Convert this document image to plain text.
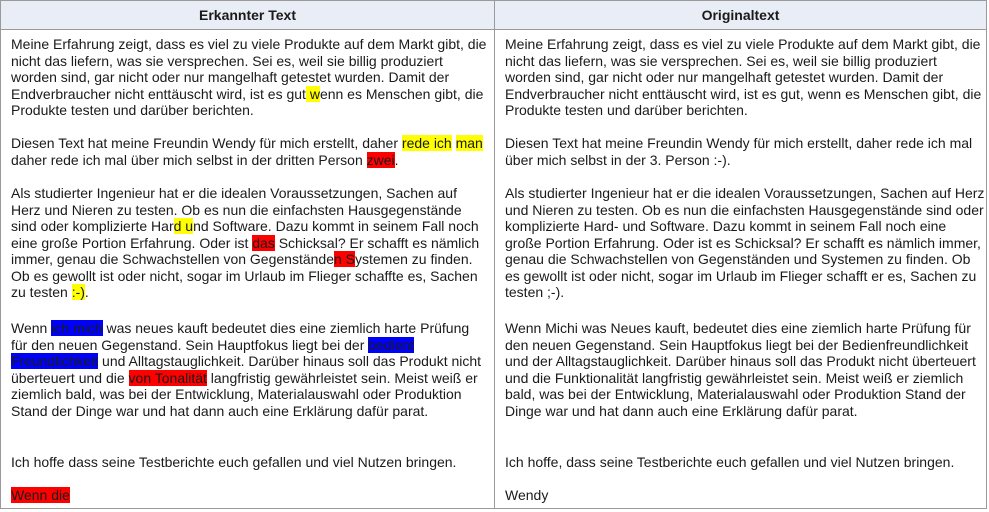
Erkannter Text	Originaltext

Meine Erfahrung zeigt, dass es viel zu viele Produkte auf dem Markt gibt, die nicht das liefern, was sie versprechen. Sei es, weil sie billig produziert worden sind, gar nicht oder nur mangelhaft getestet wurden. Damit der Endverbraucher nicht enttäuscht wird, ist es gut wenn es Menschen gibt, die Produkte testen und darüber berichten.

Diesen Text hat meine Freundin Wendy für mich erstellt, daher rede ich man daher rede ich mal über mich selbst in der dritten Person zwei.

Als studierter Ingenieur hat er die idealen Voraussetzungen, Sachen auf Herz und Nieren zu testen. Ob es nun die einfachsten Hausgegenstände sind oder komplizierte Hard und Software. Dazu kommt in seinem Fall noch eine große Portion Erfahrung. Oder ist das Schicksal? Er schafft es nämlich immer, genau die Schwachstellen von Gegenständen Systemen zu finden. Ob es gewollt ist oder nicht, sogar im Urlaub im Flieger schaffte es, Sachen zu testen :-).

Wenn ich mich was neues kauft bedeutet dies eine ziemlich harte Prüfung für den neuen Gegenstand. Sein Hauptfokus liegt bei der bedient Freundlichkeit und Alltagstauglichkeit. Darüber hinaus soll das Produkt nicht überteuert und die von Tonalität langfristig gewährleistet sein. Meist weiß er ziemlich bald, was bei der Entwicklung, Materialauswahl oder Produktion Stand der Dinge war und hat dann auch eine Erklärung dafür parat.

Ich hoffe dass seine Testberichte euch gefallen und viel Nutzen bringen.

Wenn die

Meine Erfahrung zeigt, dass es viel zu viele Produkte auf dem Markt gibt, die nicht das liefern, was sie versprechen. Sei es, weil sie billig produziert worden sind, gar nicht oder nur mangelhaft getestet wurden. Damit der Endverbraucher nicht enttäuscht wird, ist es gut, wenn es Menschen gibt, die Produkte testen und darüber berichten.

Diesen Text hat meine Freundin Wendy für mich erstellt, daher rede ich mal über mich selbst in der 3. Person :-).

Als studierter Ingenieur hat er die idealen Voraussetzungen, Sachen auf Herz und Nieren zu testen. Ob es nun die einfachsten Hausgegenstände sind oder komplizierte Hard- und Software. Dazu kommt in seinem Fall noch eine große Portion Erfahrung. Oder ist es Schicksal? Er schafft es nämlich immer, genau die Schwachstellen von Gegenständen und Systemen zu finden. Ob es gewollt ist oder nicht, sogar im Urlaub im Flieger schafft er es, Sachen zu testen ;-).

Wenn Michi was Neues kauft, bedeutet dies eine ziemlich harte Prüfung für den neuen Gegenstand. Sein Hauptfokus liegt bei der Bedienfreundlichkeit und der Alltagstauglichkeit. Darüber hinaus soll das Produkt nicht überteuert und die Funktionalität langfristig gewährleistet sein. Meist weiß er ziemlich bald, was bei der Entwicklung, Materialauswahl oder Produktion Stand der Dinge war und hat dann auch eine Erklärung dafür parat.

Ich hoffe, dass seine Testberichte euch gefallen und viel Nutzen bringen.

Wendy
